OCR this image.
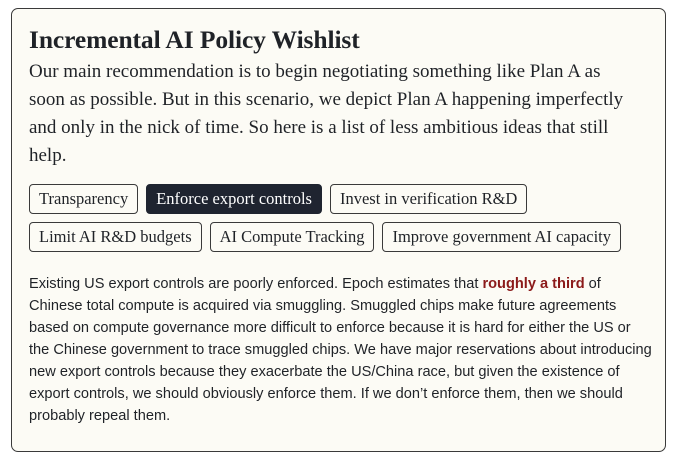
Incremental AI Policy Wishlist

Our main recommendation is to begin negotiating something like Plan A as soon as possible. But in this scenario, we depict Plan A happening imperfectly and only in the nick of time. So here is a list of less ambitious ideas that still help.

Transparency	Enforce export controls	Invest in verification R&D
Limit AI R&D budgets	AI Compute Tracking	Improve government AI capacity

Existing US export controls are poorly enforced. Epoch estimates that roughly a third of Chinese total compute is acquired via smuggling. Smuggled chips make future agreements based on compute governance more difficult to enforce because it is hard for either the US or the Chinese government to trace smuggled chips. We have major reservations about introducing new export controls because they exacerbate the US/China race, but given the existence of export controls, we should obviously enforce them. If we don’t enforce them, then we should probably repeal them.
